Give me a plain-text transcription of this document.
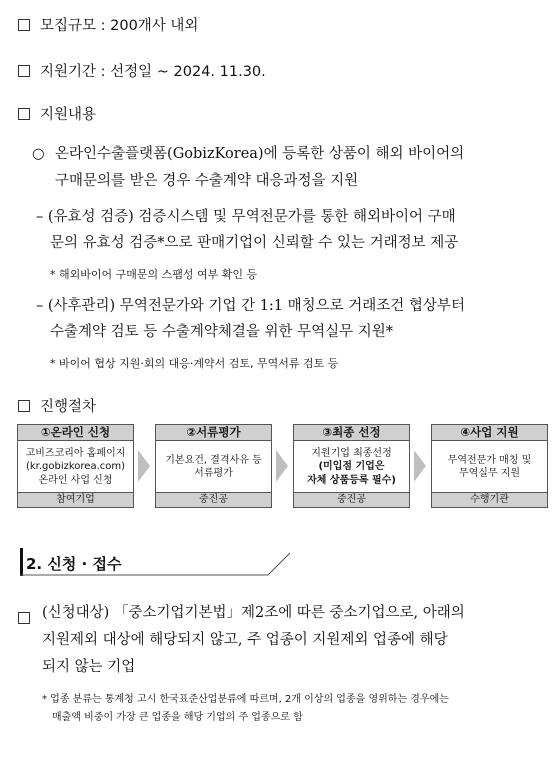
모집규모 : 200개사 내외
지원기간 : 선정일 ~ 2024. 11.30.
지원내용
○ 온라인수출플랫폼(GobizKorea)에 등록한 상품이 해외 바이어의
구매문의를 받은 경우 수출계약 대응과정을 지원
– (유효성 검증) 검증시스템 및 무역전문가를 통한 해외바이어 구매
문의 유효성 검증*으로 판매기업이 신뢰할 수 있는 거래정보 제공
* 해외바이어 구매문의 스팸성 여부 확인 등
– (사후관리) 무역전문가와 기업 간 1:1 매칭으로 거래조건 협상부터
수출계약 검토 등 수출계약체결을 위한 무역실무 지원*
* 바이어 협상 지원·회의 대응·계약서 검토, 무역서류 검토 등
진행절차
①온라인 신청
고비즈코리아 홈페이지
(kr.gobizkorea.com)
온라인 사업 신청
참여기업
②서류평가
기본요건, 결격사유 등
서류평가
중진공
③최종 선정
지원기업 최종선정
(미입점 기업은
자체 상품등록 필수)
중진공
④사업 지원
무역전문가 매칭 및
무역실무 지원
수행기관
2. 신청 · 접수
(신청대상) 「중소기업기본법」제2조에 따른 중소기업으로, 아래의
지원제외 대상에 해당되지 않고, 주 업종이 지원제외 업종에 해당
되지 않는 기업
* 업종 분류는 통계청 고시 한국표준산업분류에 따르며, 2개 이상의 업종을 영위하는 경우에는
매출액 비중이 가장 큰 업종을 해당 기업의 주 업종으로 함
